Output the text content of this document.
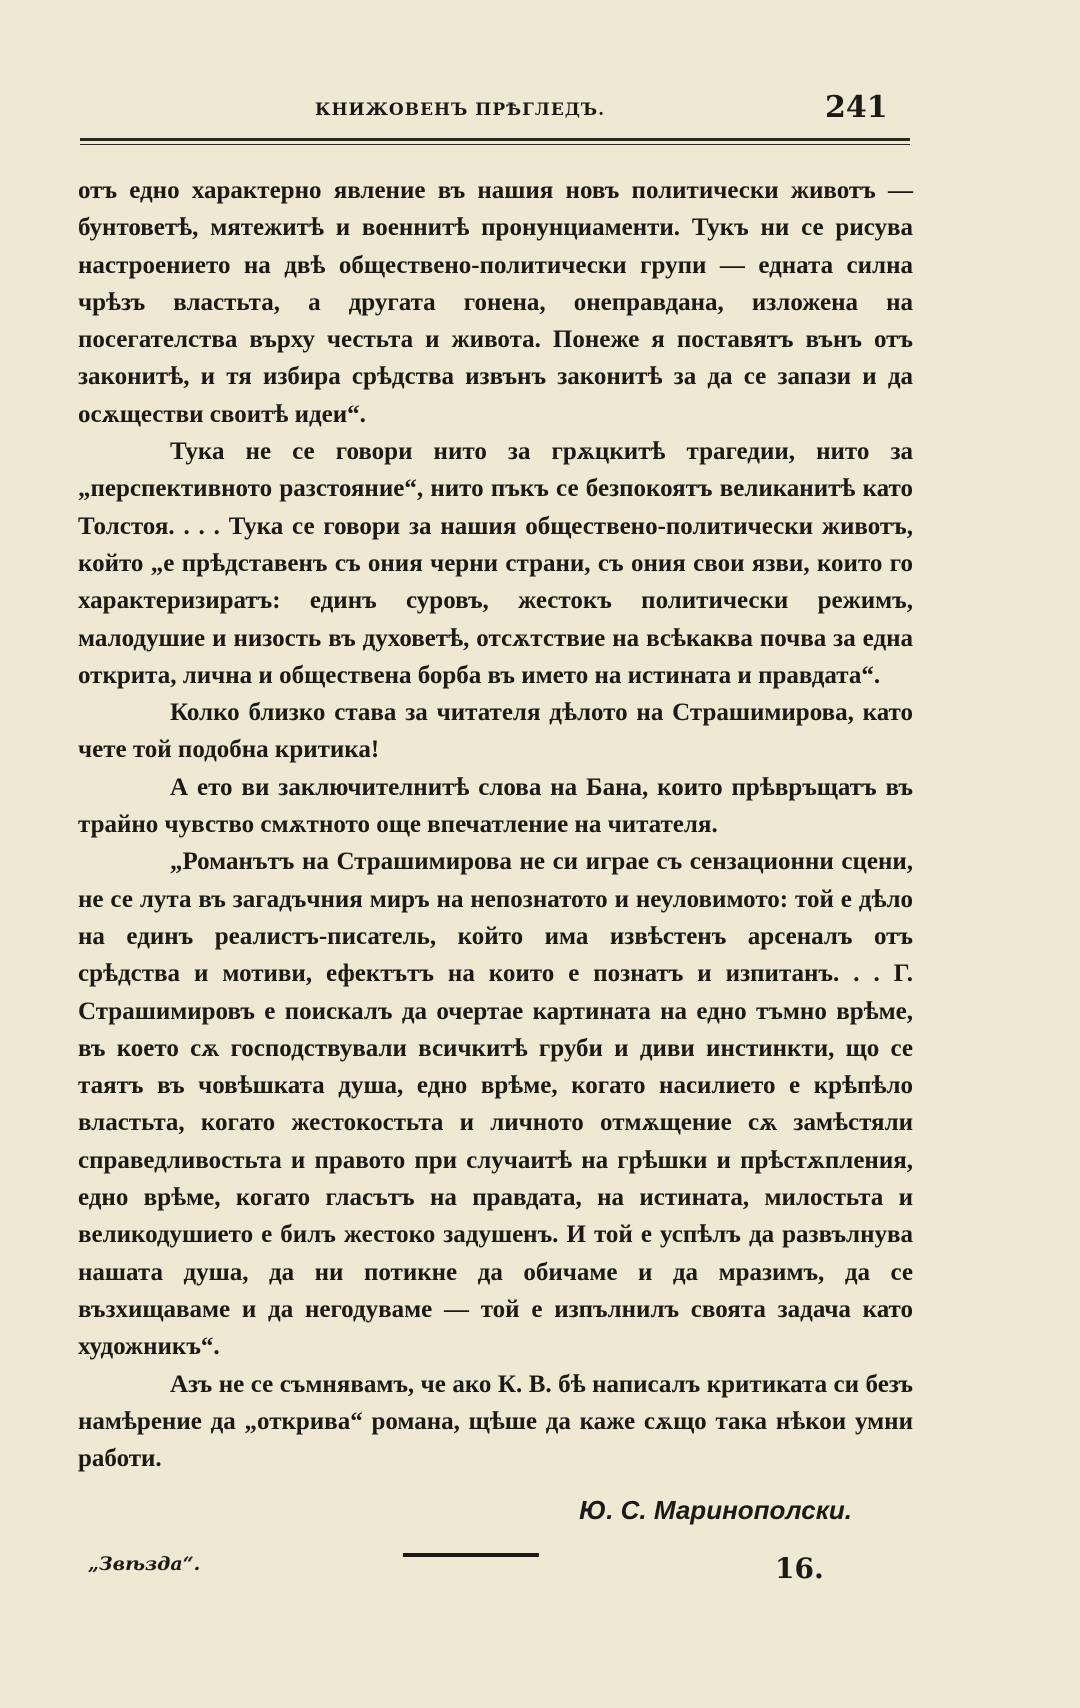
КНИЖОВЕНЪ ПРѢГЛЕДЪ.	241

отъ едно характерно явление въ нашия новъ политически животъ — бунтоветѣ, мятежитѣ и военнитѣ пронунциаменти. Тукъ ни се рисува настроението на двѣ обществено-политически групи — едната силна чрѣзъ властьта, а другата гонена, онеправдана, изложена на посегателства върху честьта и живота. Понеже я поставятъ вънъ отъ законитѣ, и тя избира срѣдства извънъ законитѣ за да се запази и да осѫществи своитѣ идеи“.

Тука не се говори нито за грѫцкитѣ трагедии, нито за „перспективното разстояние“, нито пъкъ се безпокоятъ великанитѣ като Толстоя. . . . Тука се говори за нашия обществено-политически животъ, който „е прѣдставенъ съ ония черни страни, съ ония свои язви, които го характеризиратъ: единъ суровъ, жестокъ политически режимъ, малодушие и низость въ духоветѣ, отсѫтствие на всѣкаква почва за една открита, лична и обществена борба въ името на истината и правдата“.

Колко близко става за читателя дѣлото на Страшимирова, като чете той подобна критика!

А ето ви заключителнитѣ слова на Бана, които прѣвръщатъ въ трайно чувство смѫтното още впечатление на читателя.

„Романътъ на Страшимирова не си играе съ сензационни сцени, не се лута въ загадъчния миръ на непознатото и неуловимото: той е дѣло на единъ реалистъ-писатель, който има извѣстенъ арсеналъ отъ срѣдства и мотиви, ефектътъ на които е познатъ и изпитанъ. . . Г. Страшимировъ е поискалъ да очертае картината на едно тъмно врѣме, въ което сѫ господствували всичкитѣ груби и диви инстинкти, що се таятъ въ човѣшката душа, едно врѣме, когато насилието е крѣпѣло властьта, когато жестокостьта и личното отмѫщение сѫ замѣстяли справедливостьта и правото при случаитѣ на грѣшки и прѣстѫпления, едно врѣме, когато гласътъ на правдата, на истината, милостьта и великодушието е билъ жестоко задушенъ. И той е успѣлъ да развълнува нашата душа, да ни потикне да обичаме и да мразимъ, да се възхищаваме и да негодуваме — той е изпълнилъ своята задача като художникъ“.

Азъ не се съмнявамъ, че ако К. В. бѣ написалъ критиката си безъ намѣрение да „открива“ романа, щѣше да каже сѫщо така нѣкои умни работи.

Ю. С. Маринополски.
„Звѣзда“.	16.
